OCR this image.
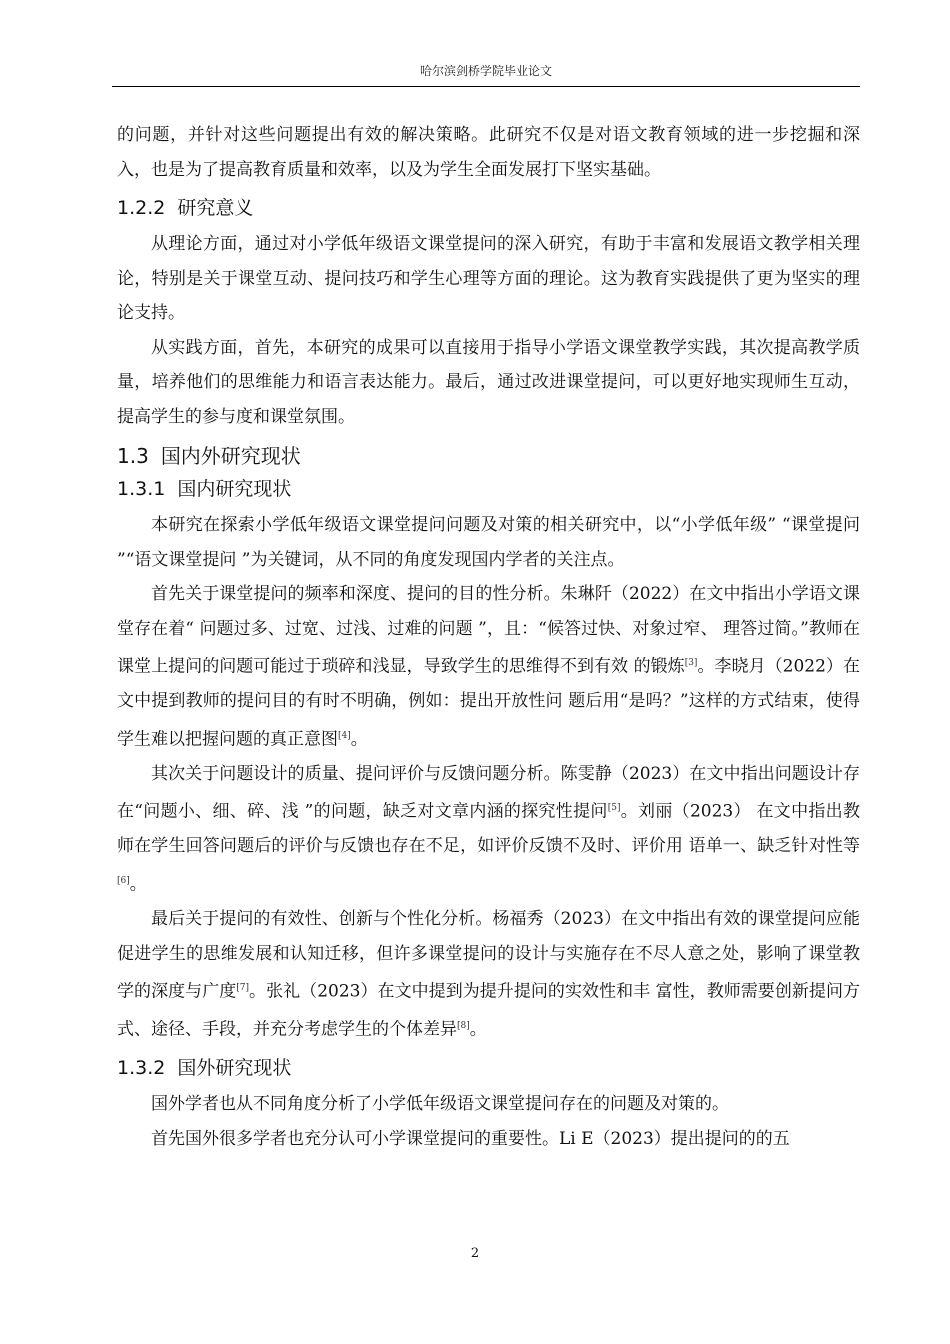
哈尔滨剑桥学院毕业论文

的问题，并针对这些问题提出有效的解决策略。此研究不仅是对语文教育领域的进一步挖掘和深入，也是为了提高教育质量和效率，以及为学生全面发展打下坚实基础。

1.2.2 研究意义

从理论方面，通过对小学低年级语文课堂提问的深入研究，有助于丰富和发展语文教学相关理论，特别是关于课堂互动、提问技巧和学生心理等方面的理论。这为教育实践提供了更为坚实的理论支持。

从实践方面，首先，本研究的成果可以直接用于指导小学语文课堂教学实践，其次提高教学质量，培养他们的思维能力和语言表达能力。最后，通过改进课堂提问，可以更好地实现师生互动，提高学生的参与度和课堂氛围。

1.3 国内外研究现状
1.3.1 国内研究现状

本研究在探索小学低年级语文课堂提问问题及对策的相关研究中，以“小学低年级” “课堂提问 ”“语文课堂提问 ”为关键词，从不同的角度发现国内学者的关注点。

首先关于课堂提问的频率和深度、提问的目的性分析。朱琳阡（2022）在文中指出小学语文课堂存在着“ 问题过多、过宽、过浅、过难的问题 ”，且：“候答过快、对象过窄、 理答过简。”教师在课堂上提问的问题可能过于琐碎和浅显，导致学生的思维得不到有效 的锻炼[3]。李晓月（2022）在文中提到教师的提问目的有时不明确，例如：提出开放性问 题后用“是吗？”这样的方式结束，使得学生难以把握问题的真正意图[4]。

其次关于问题设计的质量、提问评价与反馈问题分析。陈雯静（2023）在文中指出问题设计存在“问题小、细、碎、浅 ”的问题，缺乏对文章内涵的探究性提问[5]。刘丽（2023） 在文中指出教师在学生回答问题后的评价与反馈也存在不足，如评价反馈不及时、评价用 语单一、缺乏针对性等[6]。

最后关于提问的有效性、创新与个性化分析。杨福秀（2023）在文中指出有效的课堂提问应能促进学生的思维发展和认知迁移，但许多课堂提问的设计与实施存在不尽人意之处，影响了课堂教学的深度与广度[7]。张礼（2023）在文中提到为提升提问的实效性和丰 富性，教师需要创新提问方式、途径、手段，并充分考虑学生的个体差异[8]。

1.3.2 国外研究现状

国外学者也从不同角度分析了小学低年级语文课堂提问存在的问题及对策的。

首先国外很多学者也充分认可小学课堂提问的重要性。Li E（2023）提出提问的的五

2
